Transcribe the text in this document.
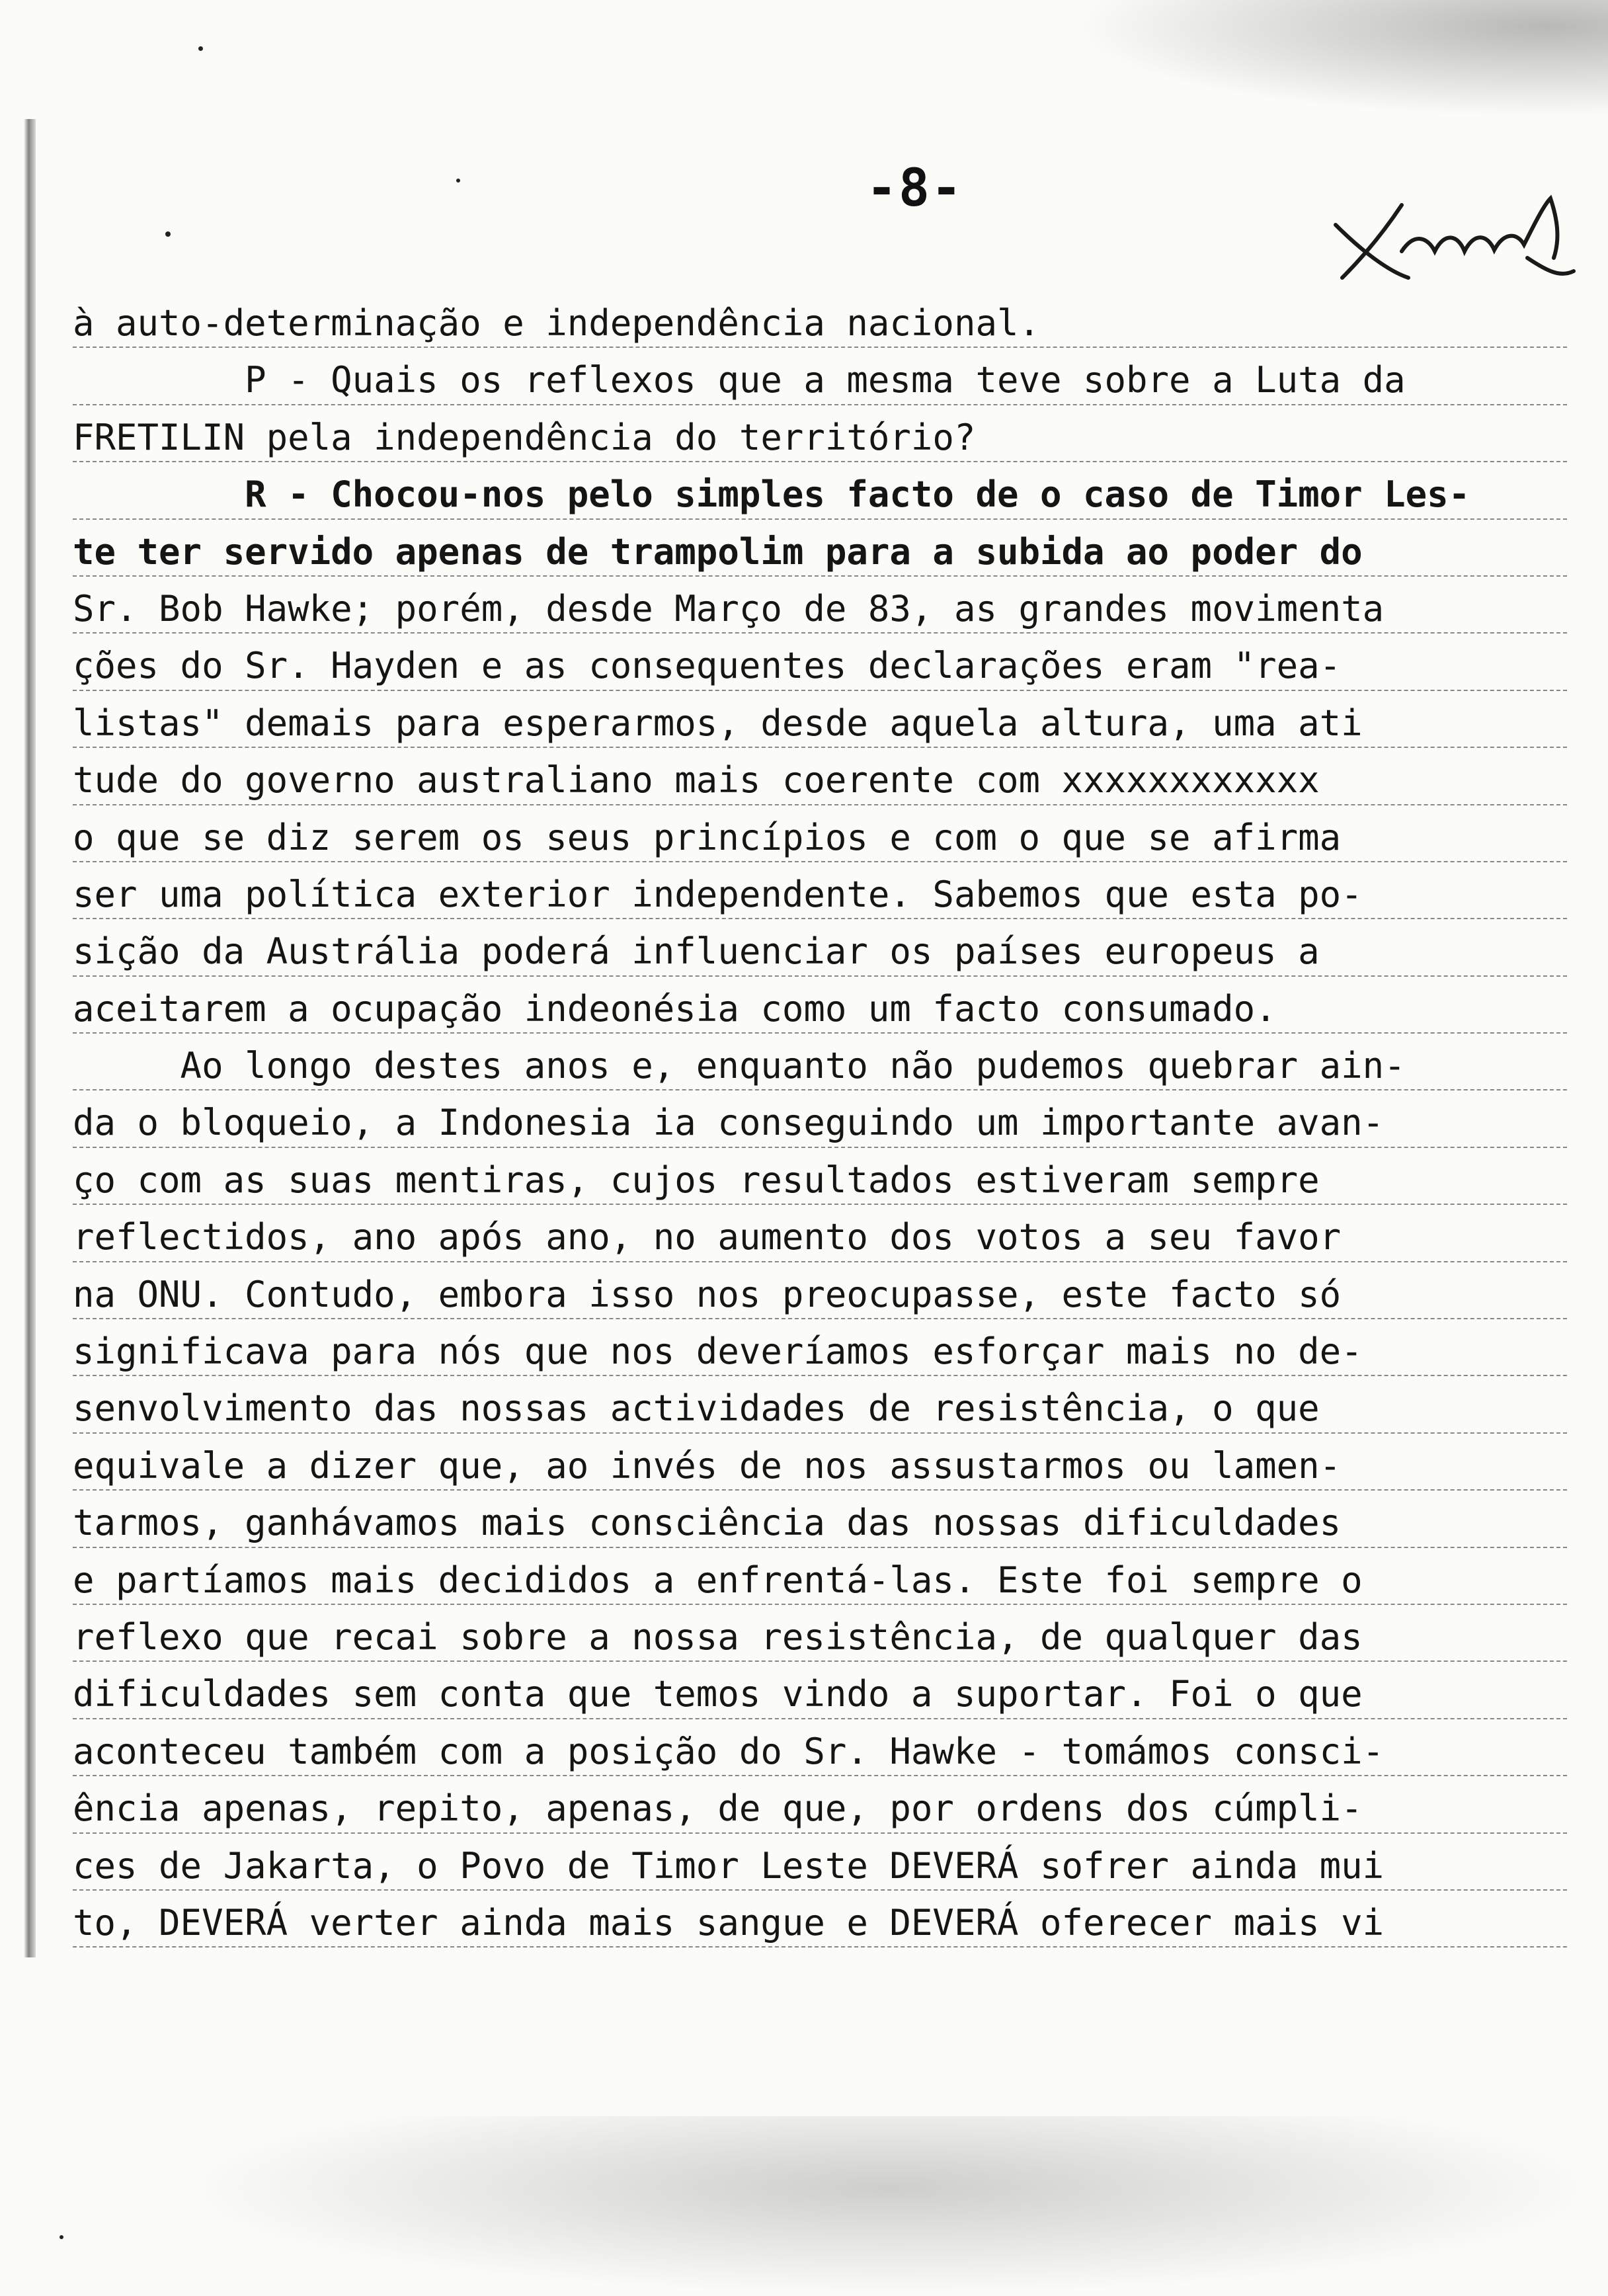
-8-
à auto-determinação e independência nacional.
P - Quais os reflexos que a mesma teve sobre a Luta da
FRETILIN pela independência do território?
R - Chocou-nos pelo simples facto de o caso de Timor Les-
te ter servido apenas de trampolim para a subida ao poder do
Sr. Bob Hawke; porém, desde Março de 83, as grandes movimenta
ções do Sr. Hayden e as consequentes declarações eram "rea-
listas" demais para esperarmos, desde aquela altura, uma ati
tude do governo australiano mais coerente com xxxxxxxxxxxx
o que se diz serem os seus princípios e com o que se afirma
ser uma política exterior independente. Sabemos que esta po-
sição da Austrália poderá influenciar os países europeus a
aceitarem a ocupação indeonésia como um facto consumado.
Ao longo destes anos e, enquanto não pudemos quebrar ain-
da o bloqueio, a Indonesia ia conseguindo um importante avan-
ço com as suas mentiras, cujos resultados estiveram sempre
reflectidos, ano após ano, no aumento dos votos a seu favor
na ONU. Contudo, embora isso nos preocupasse, este facto só
significava para nós que nos deveríamos esforçar mais no de-
senvolvimento das nossas actividades de resistência, o que
equivale a dizer que, ao invés de nos assustarmos ou lamen-
tarmos, ganhávamos mais consciência das nossas dificuldades
e partíamos mais decididos a enfrentá-las. Este foi sempre o
reflexo que recai sobre a nossa resistência, de qualquer das
dificuldades sem conta que temos vindo a suportar. Foi o que
aconteceu também com a posição do Sr. Hawke - tomámos consci-
ência apenas, repito, apenas, de que, por ordens dos cúmpli-
ces de Jakarta, o Povo de Timor Leste DEVERÁ sofrer ainda mui
to, DEVERÁ verter ainda mais sangue e DEVERÁ oferecer mais vi
